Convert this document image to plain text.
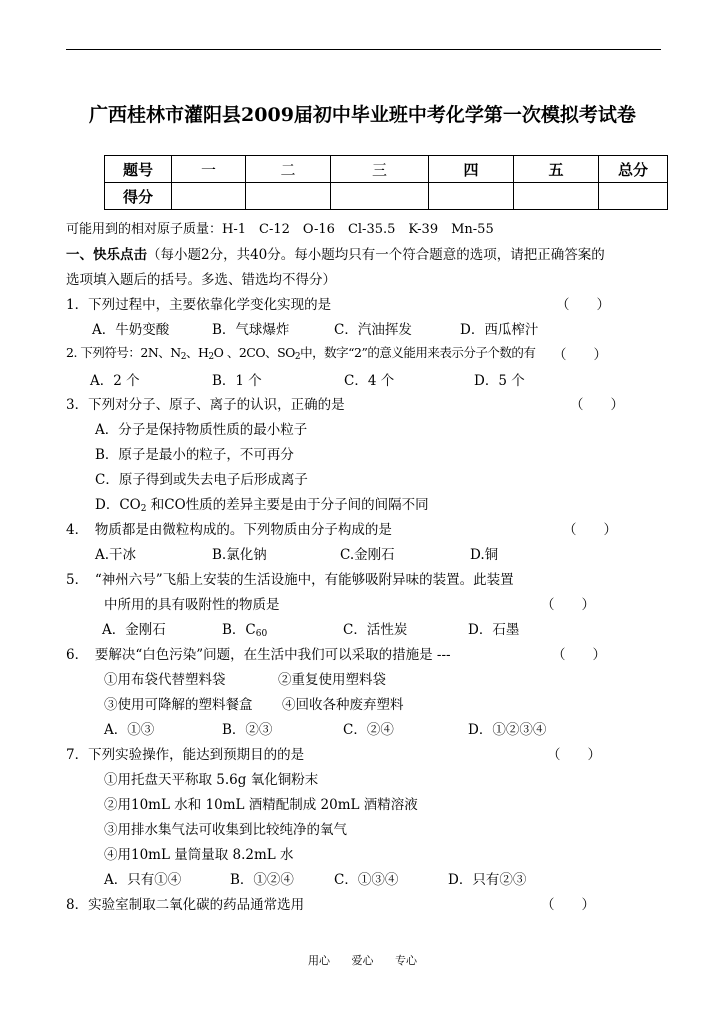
广西桂林市灌阳县2009届初中毕业班中考化学第一次模拟考试卷
题号	一	二	三	四	五	总分
得分						
可能用到的相对原子质量：H-1　C-12　O-16　Cl-35.5　K-39　Mn-55
一、快乐点击（每小题2分，共40分。每小题均只有一个符合题意的选项，请把正确答案的
选项填入题后的括号。多选、错选均不得分）
1．下列过程中，主要依靠化学变化实现的是	（　　）
A．牛奶变酸	B．气球爆炸	C．汽油挥发	D．西瓜榨汁
2. 下列符号：2N、$N_2$、$H_2O$ 、2CO、$SO_2$中，数字“2”的意义能用来表示分子个数的有 （　　）
A．2 个	B．1 个	C．4 个	D．5 个
3．下列对分子、原子、离子的认识，正确的是	（　　）
A．分子是保持物质性质的最小粒子
B．原子是最小的粒子，不可再分
C．原子得到或失去电子后形成离子
D．$CO_2$ 和CO性质的差异主要是由于分子间的间隔不同
4．　物质都是由微粒构成的。下列物质由分子构成的是	（　　）
A.干冰	B.氯化钠	C.金刚石	D.铜
5．　“神州六号”飞船上安装的生活设施中，有能够吸附异味的装置。此装置
中所用的具有吸附性的物质是	（　　）
A．金刚石	B．$C_{60}$	C．活性炭	D．石墨
6．　要解决“白色污染”问题，在生活中我们可以采取的措施是 ---	（　　）
①用布袋代替塑料袋	②重复使用塑料袋
③使用可降解的塑料餐盒 ④回收各种废弃塑料
A．①③	B．②③	C．②④	D．①②③④
7．下列实验操作，能达到预期目的的是	（　　）
①用托盘天平称取 5.6g 氧化铜粉末
②用10mL 水和 10mL 酒精配制成 20mL 酒精溶液
③用排水集气法可收集到比较纯净的氧气
④用10mL 量筒量取 8.2mL 水
A．只有①④	B．①②④	C．①③④	D．只有②③
8．实验室制取二氧化碳的药品通常选用	（　　）
用心 爱心 专心
